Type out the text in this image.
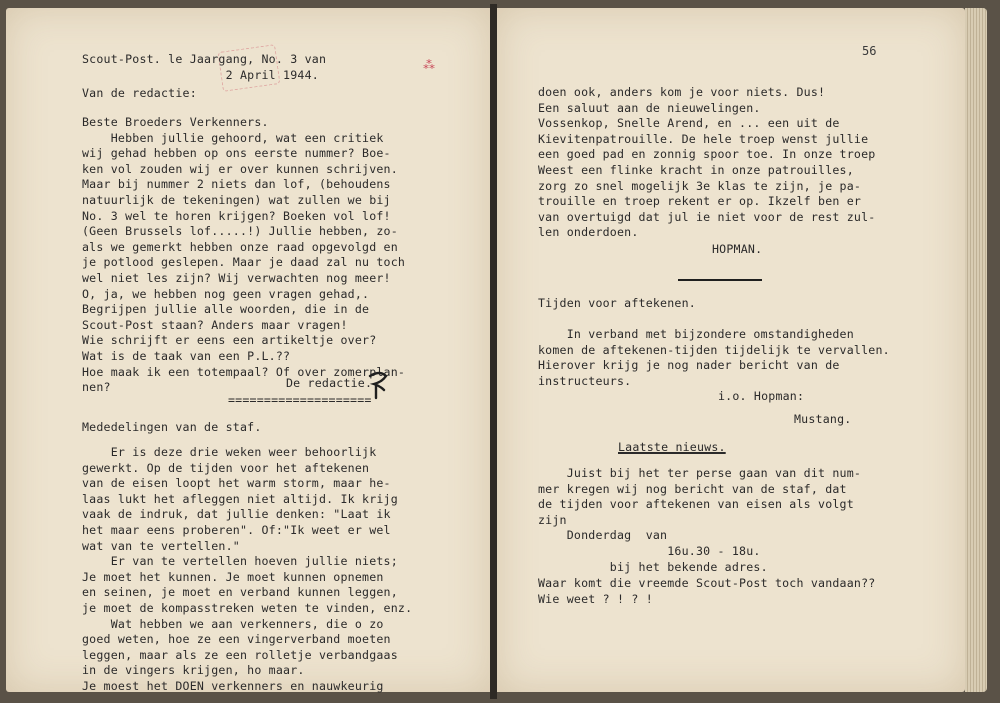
⁂
Scout-Post. le Jaargang, No. 3 van
2 April 1944.
Van de redactie:
Beste Broeders Verkenners.
Hebben jullie gehoord, wat een critiek
wij gehad hebben op ons eerste nummer? Boe-
ken vol zouden wij er over kunnen schrijven.
Maar bij nummer 2 niets dan lof, (behoudens
natuurlijk de tekeningen) wat zullen we bij
No. 3 wel te horen krijgen? Boeken vol lof!
(Geen Brussels lof.....!) Jullie hebben, zo-
als we gemerkt hebben onze raad opgevolgd en
je potlood geslepen. Maar je daad zal nu toch
wel niet les zijn? Wij verwachten nog meer!
O, ja, we hebben nog geen vragen gehad,.
Begrijpen jullie alle woorden, die in de
Scout-Post staan? Anders maar vragen!
Wie schrijft er eens een artikeltje over?
Wat is de taak van een P.L.??
Hoe maak ik een totempaal? Of over zomerplan-
nen?	De redactie.
====================
Mededelingen van de staf.
Er is deze drie weken weer behoorlijk
gewerkt. Op de tijden voor het aftekenen
van de eisen loopt het warm storm, maar he-
laas lukt het afleggen niet altijd. Ik krijg
vaak de indruk, dat jullie denken: "Laat ik
het maar eens proberen". Of:"Ik weet er wel
wat van te vertellen."
Er van te vertellen hoeven jullie niets;
Je moet het kunnen. Je moet kunnen opnemen
en seinen, je moet en verband kunnen leggen,
je moet de kompasstreken weten te vinden, enz.
Wat hebben we aan verkenners, die o zo
goed weten, hoe ze een vingerverband moeten
leggen, maar als ze een rolletje verbandgaas
in de vingers krijgen, ho maar.
Je moest het DOEN verkenners en nauwkeurig
56
doen ook, anders kom je voor niets. Dus!
Een saluut aan de nieuwelingen.
Vossenkop, Snelle Arend, en ... een uit de
Kievitenpatrouille. De hele troep wenst jullie
een goed pad en zonnig spoor toe. In onze troep
Weest een flinke kracht in onze patrouilles,
zorg zo snel mogelijk 3e klas te zijn, je pa-
trouille en troep rekent er op. Ikzelf ben er
van overtuigd dat jul ie niet voor de rest zul-
len onderdoen.
HOPMAN.
Tijden voor aftekenen.
In verband met bijzondere omstandigheden
komen de aftekenen-tijden tijdelijk te vervallen.
Hierover krijg je nog nader bericht van de
instructeurs.
i.o. Hopman:
Mustang.
Laatste nieuws.
Juist bij het ter perse gaan van dit num-
mer kregen wij nog bericht van de staf, dat
de tijden voor aftekenen van eisen als volgt
zijn
Donderdag  van
16u.30 - 18u.
bij het bekende adres.
Waar komt die vreemde Scout-Post toch vandaan??
Wie weet ? ! ? !
